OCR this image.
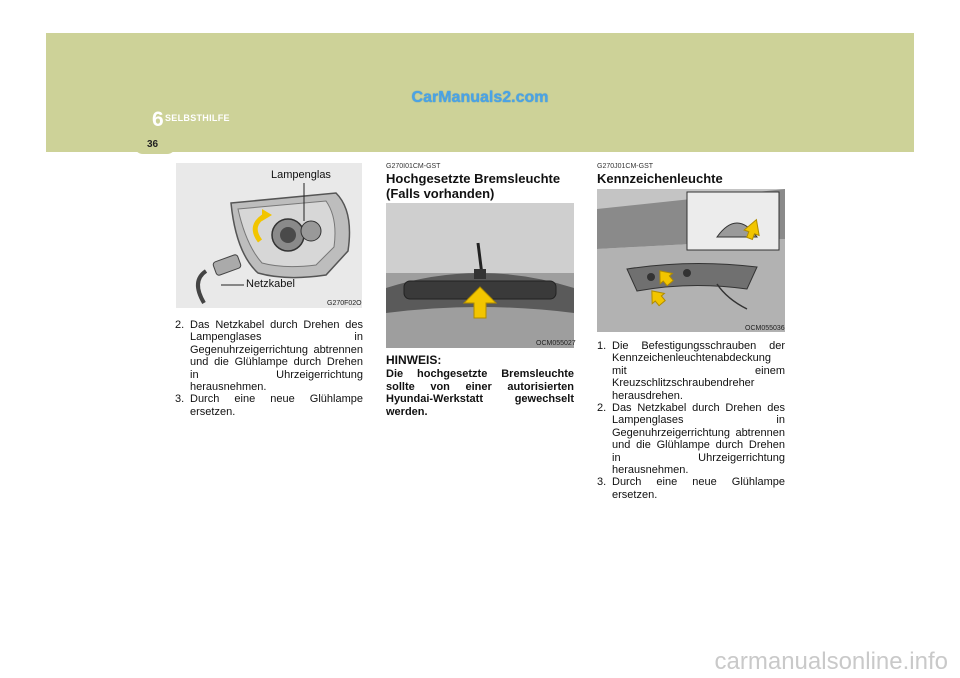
CarManuals2.com
6 SELBSTHILFE
36
Lampenglas
Netzkabel
G270F02O
2. Das Netzkabel durch Drehen des Lampenglases in Gegenuhrzeigerrichtung abtrennen und die Glühlampe durch Drehen in Uhrzeigerrichtung herausnehmen.
3. Durch eine neue Glühlampe ersetzen.
G270I01CM-GST
Hochgesetzte Bremsleuchte
(Falls vorhanden)
OCM055027
HINWEIS:
Die hochgesetzte Bremsleuchte sollte von einer autorisierten Hyundai-Werkstatt gewechselt werden.
G270J01CM-GST
Kennzeichenleuchte
OCM055036
1. Die Befestigungsschrauben der Kennzeichenleuchtenabdeckung mit einem Kreuzschlitzschraubendreher herausdrehen.
2. Das Netzkabel durch Drehen des Lampenglases in Gegenuhrzeigerrichtung abtrennen und die Glühlampe durch Drehen in Uhrzeigerrichtung herausnehmen.
3. Durch eine neue Glühlampe ersetzen.
carmanualsonline.info
